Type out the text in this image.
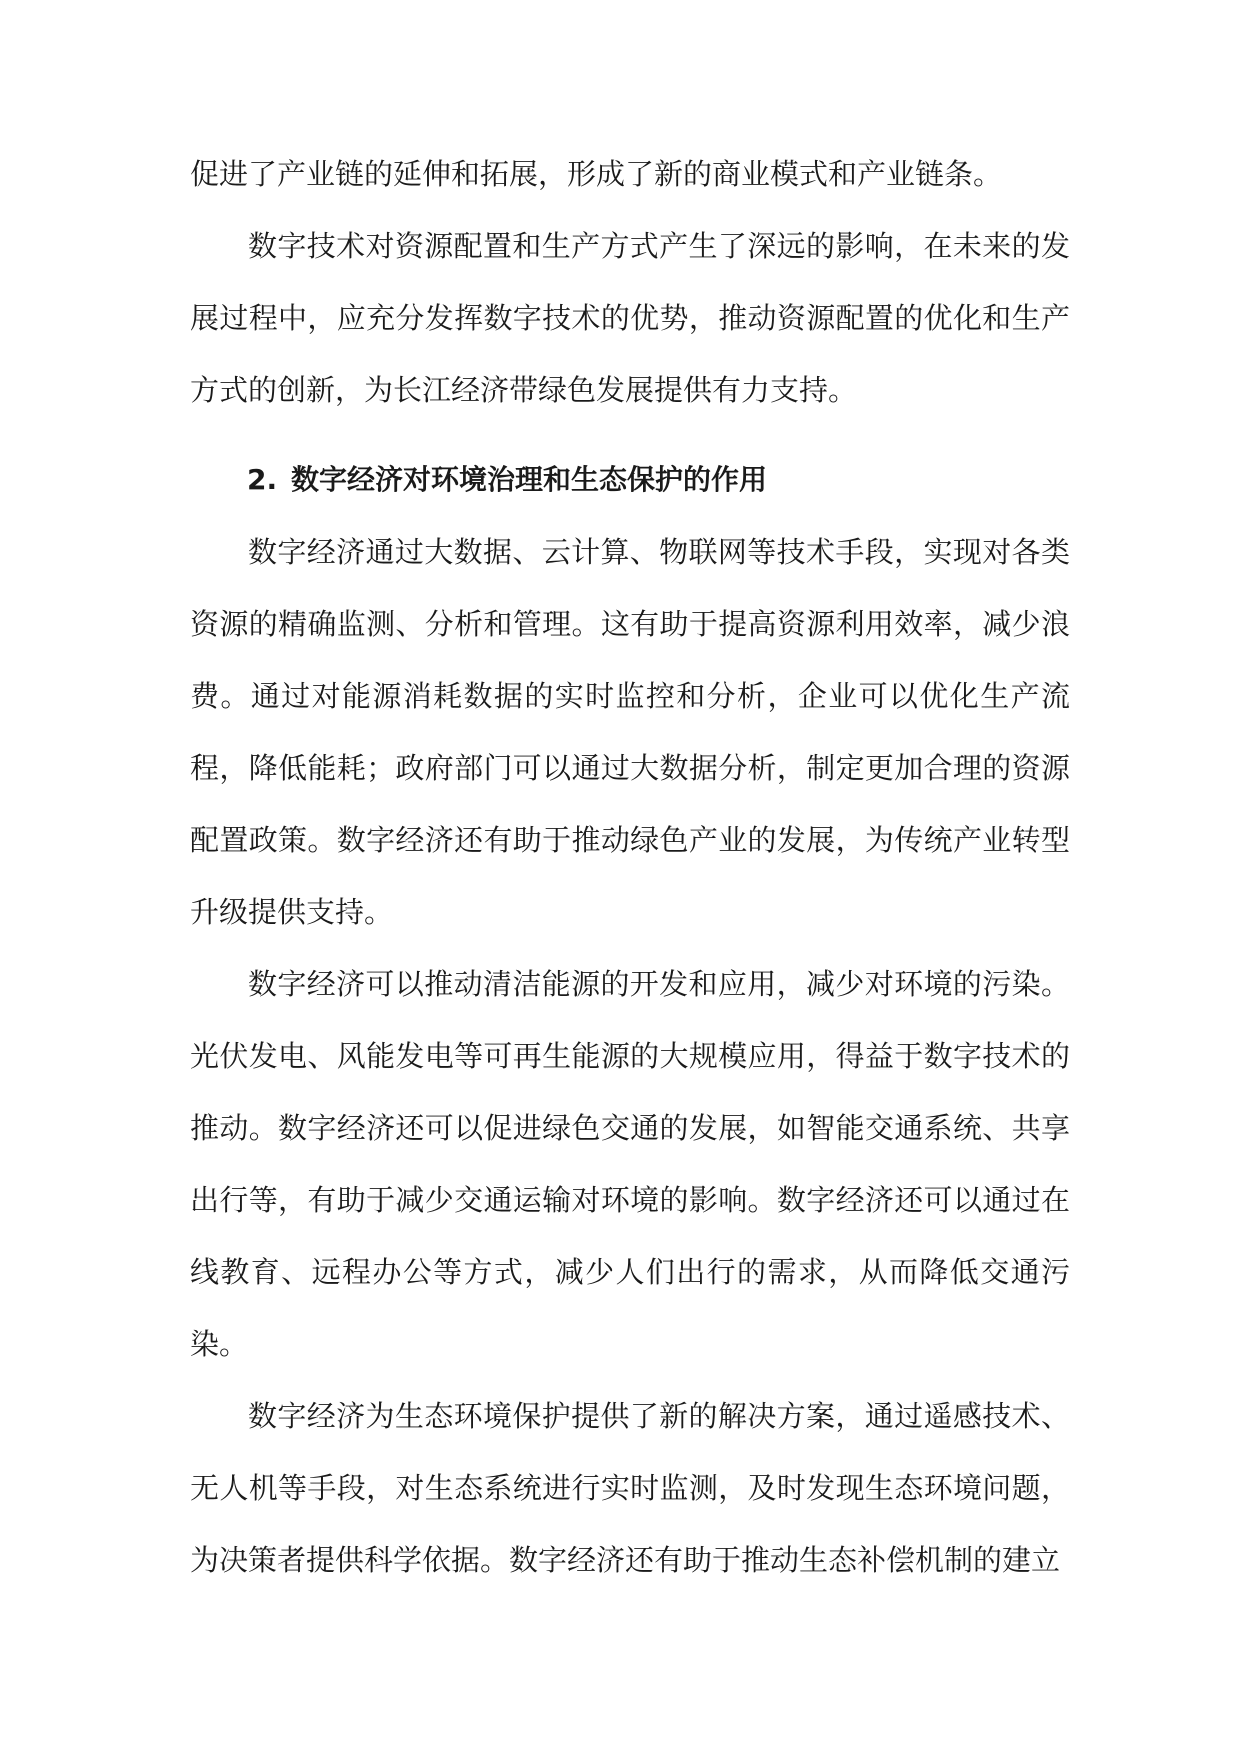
促进了产业链的延伸和拓展，形成了新的商业模式和产业链条。

数字技术对资源配置和生产方式产生了深远的影响，在未来的发展过程中，应充分发挥数字技术的优势，推动资源配置的优化和生产方式的创新，为长江经济带绿色发展提供有力支持。

2. 数字经济对环境治理和生态保护的作用

数字经济通过大数据、云计算、物联网等技术手段，实现对各类资源的精确监测、分析和管理。这有助于提高资源利用效率，减少浪费。通过对能源消耗数据的实时监控和分析，企业可以优化生产流程，降低能耗；政府部门可以通过大数据分析，制定更加合理的资源配置政策。数字经济还有助于推动绿色产业的发展，为传统产业转型升级提供支持。

数字经济可以推动清洁能源的开发和应用，减少对环境的污染。光伏发电、风能发电等可再生能源的大规模应用，得益于数字技术的推动。数字经济还可以促进绿色交通的发展，如智能交通系统、共享出行等，有助于减少交通运输对环境的影响。数字经济还可以通过在线教育、远程办公等方式，减少人们出行的需求，从而降低交通污染。

数字经济为生态环境保护提供了新的解决方案，通过遥感技术、无人机等手段，对生态系统进行实时监测，及时发现生态环境问题，为决策者提供科学依据。数字经济还有助于推动生态补偿机制的建立
